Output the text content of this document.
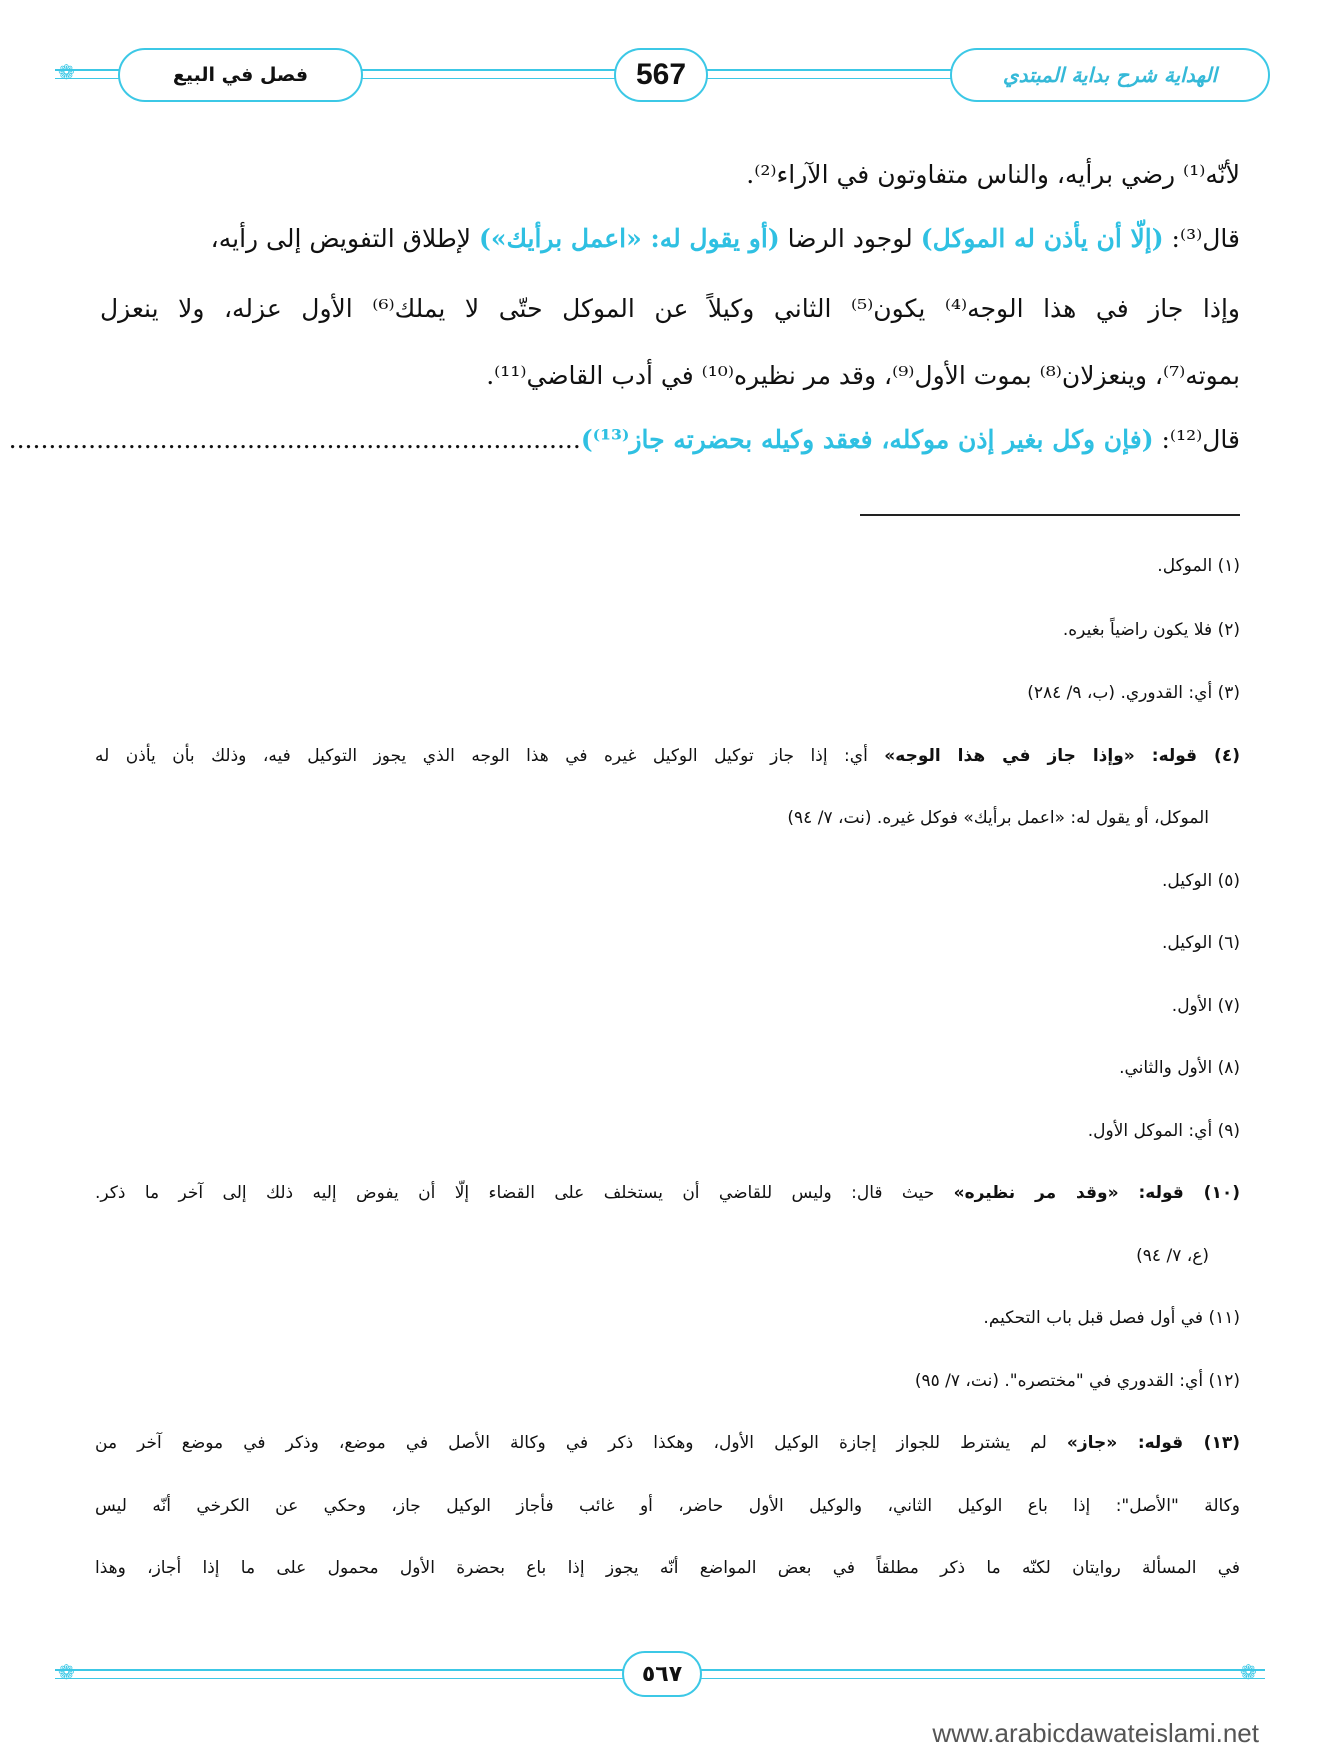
❁	فصل في البيع	567	الهداية شرح بداية المبتدي
لأنّه⁽¹⁾ رضي برأيه، والناس متفاوتون في الآراء⁽²⁾.
قال⁽³⁾: (إلّا أن يأذن له الموكل) لوجود الرضا (أو يقول له: «اعمل برأيك») لإطلاق التفويض إلى رأيه،
وإذا جاز في هذا الوجه⁽⁴⁾ يكون⁽⁵⁾ الثاني وكيلاً عن الموكل حتّى لا يملك⁽⁶⁾ الأول عزله، ولا ينعزل
بموته⁽⁷⁾، وينعزلان⁽⁸⁾ بموت الأول⁽⁹⁾، وقد مر نظيره⁽¹⁰⁾ في أدب القاضي⁽¹¹⁾.
قال⁽¹²⁾: (فإن وكل بغير إذن موكله، فعقد وكيله بحضرته جاز⁽¹³⁾)........................................................................
(١) الموكل.
(٢) فلا يكون راضياً بغيره.
(٣) أي: القدوري. (ب، ٩/ ٢٨٤)
(٤) قوله: «وإذا جاز في هذا الوجه» أي: إذا جاز توكيل الوكيل غيره في هذا الوجه الذي يجوز التوكيل فيه، وذلك بأن يأذن له
الموكل، أو يقول له: «اعمل برأيك» فوكل غيره. (نت، ٧/ ٩٤)
(٥) الوكيل.
(٦) الوكيل.
(٧) الأول.
(٨) الأول والثاني.
(٩) أي: الموكل الأول.
(١٠) قوله: «وقد مر نظيره» حيث قال: وليس للقاضي أن يستخلف على القضاء إلّا أن يفوض إليه ذلك إلى آخر ما ذكر.
(ع، ٧/ ٩٤)
(١١) في أول فصل قبل باب التحكيم.
(١٢) أي: القدوري في "مختصره". (نت، ٧/ ٩٥)
(١٣) قوله: «جاز» لم يشترط للجواز إجازة الوكيل الأول، وهكذا ذكر في وكالة الأصل في موضع، وذكر في موضع آخر من
وكالة "الأصل": إذا باع الوكيل الثاني، والوكيل الأول حاضر، أو غائب فأجاز الوكيل جاز، وحكي عن الكرخي أنّه ليس
في المسألة روايتان لكنّه ما ذكر مطلقاً في بعض المواضع أنّه يجوز إذا باع بحضرة الأول محمول على ما إذا أجاز، وهذا
❁	❁
٥٦٧
www.arabicdawateislami.net
